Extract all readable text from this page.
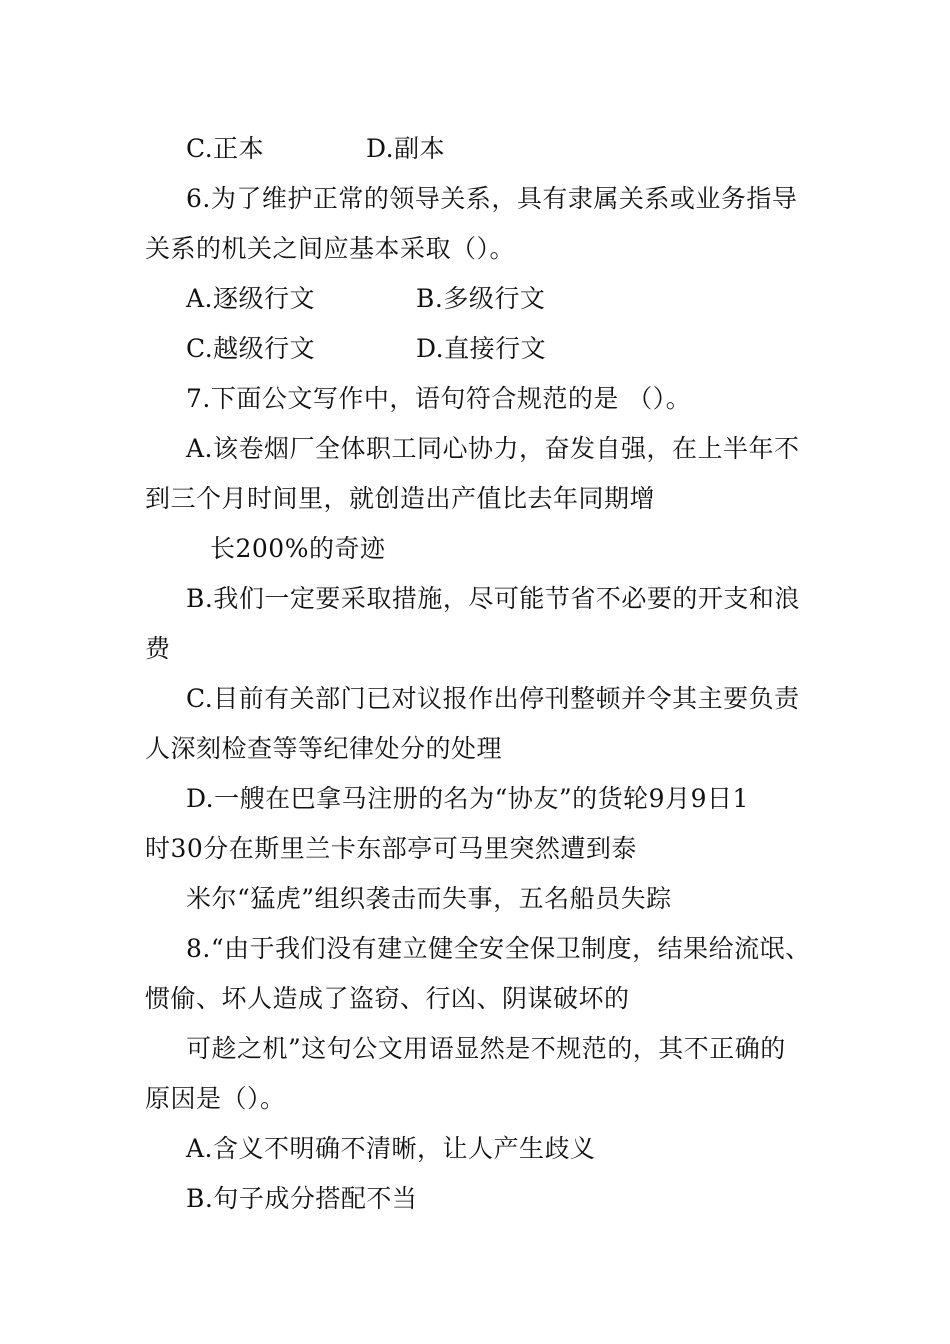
C.正本	D.副本
6.为了维护正常的领导关系，具有隶属关系或业务指导
关系的机关之间应基本采取（）。
A.逐级行文	B.多级行文
C.越级行文	D.直接行文
7.下面公文写作中，语句符合规范的是 （）。
A.该卷烟厂全体职工同心协力，奋发自强，在上半年不
到三个月时间里，就创造出产值比去年同期增
长200%的奇迹
B.我们一定要采取措施，尽可能节省不必要的开支和浪
费
C.目前有关部门已对议报作出停刊整顿并令其主要负责
人深刻检查等等纪律处分的处理
D.一艘在巴拿马注册的名为“协友”的货轮9月9日1
时30分在斯里兰卡东部亭可马里突然遭到泰
米尔“猛虎”组织袭击而失事，五名船员失踪
8.“由于我们没有建立健全安全保卫制度，结果给流氓、
惯偷、坏人造成了盗窃、行凶、阴谋破坏的
可趁之机”这句公文用语显然是不规范的，其不正确的
原因是（）。
A.含义不明确不清晰，让人产生歧义
B.句子成分搭配不当
